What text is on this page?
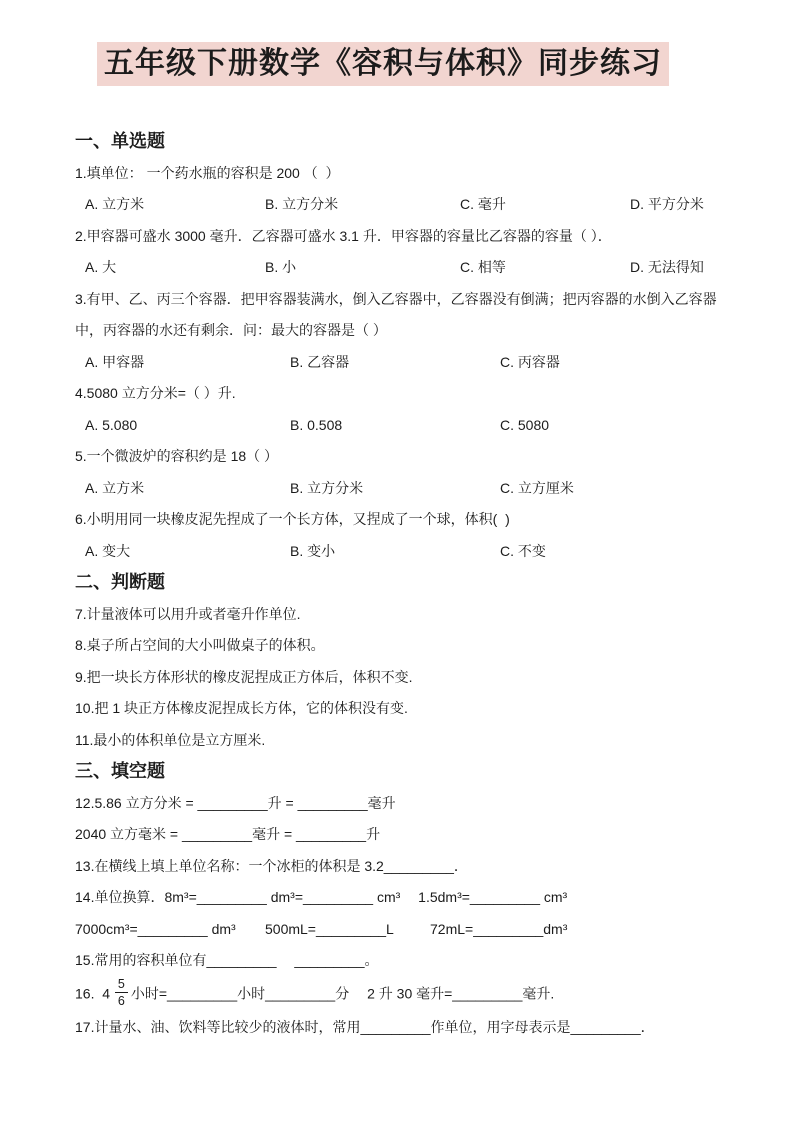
五年级下册数学《容积与体积》同步练习
一、单选题

1.填单位： 一个药水瓶的容积是 200 （  ）

A. 立方米	B. 立方分米	C. 毫升	D. 平方分米

2.甲容器可盛水 3000 毫升．乙容器可盛水 3.1 升．甲容器的容量比乙容器的容量（ ）．

A. 大	B. 小	C. 相等	D. 无法得知

3.有甲、乙、丙三个容器．把甲容器装满水，倒入乙容器中，乙容器没有倒满；把丙容器的水倒入乙容器

中，丙容器的水还有剩余．问：最大的容器是（ ）

A. 甲容器	B. 乙容器	C. 丙容器

4.5080 立方分米=（ ）升.

A. 5.080	B. 0.508	C. 5080

5.一个微波炉的容积约是 18（ ）

A. 立方米	B. 立方分米	C. 立方厘米

6.小明用同一块橡皮泥先捏成了一个长方体，又捏成了一个球，体积(  )

A. 变大	B. 变小	C. 不变
二、判断题

7.计量液体可以用升或者毫升作单位.

8.桌子所占空间的大小叫做桌子的体积。

9.把一块长方体形状的橡皮泥捏成正方体后，体积不变.

10.把 1 块正方体橡皮泥捏成长方体，它的体积没有变.

11.最小的体积单位是立方厘米.

三、填空题

12.5.86 立方分米 = _________升 = _________毫升

2040 立方毫米 = _________毫升 = _________升

13.在横线上填上单位名称：一个冰柜的体积是 3.2_________．

14.单位换算．8m³=_________ dm³=_________ cm³　 1.5dm³=_________ cm³

7000cm³=_________ dm³	500mL=_________L	72mL=_________dm³

15.常用的容积单位有_________　 _________。

16.  $4 \frac{5}{6}$ 小时=_________小时_________分　 2 升 30 毫升=_________毫升.

17.计量水、油、饮料等比较少的液体时，常用_________作单位，用字母表示是_________．
